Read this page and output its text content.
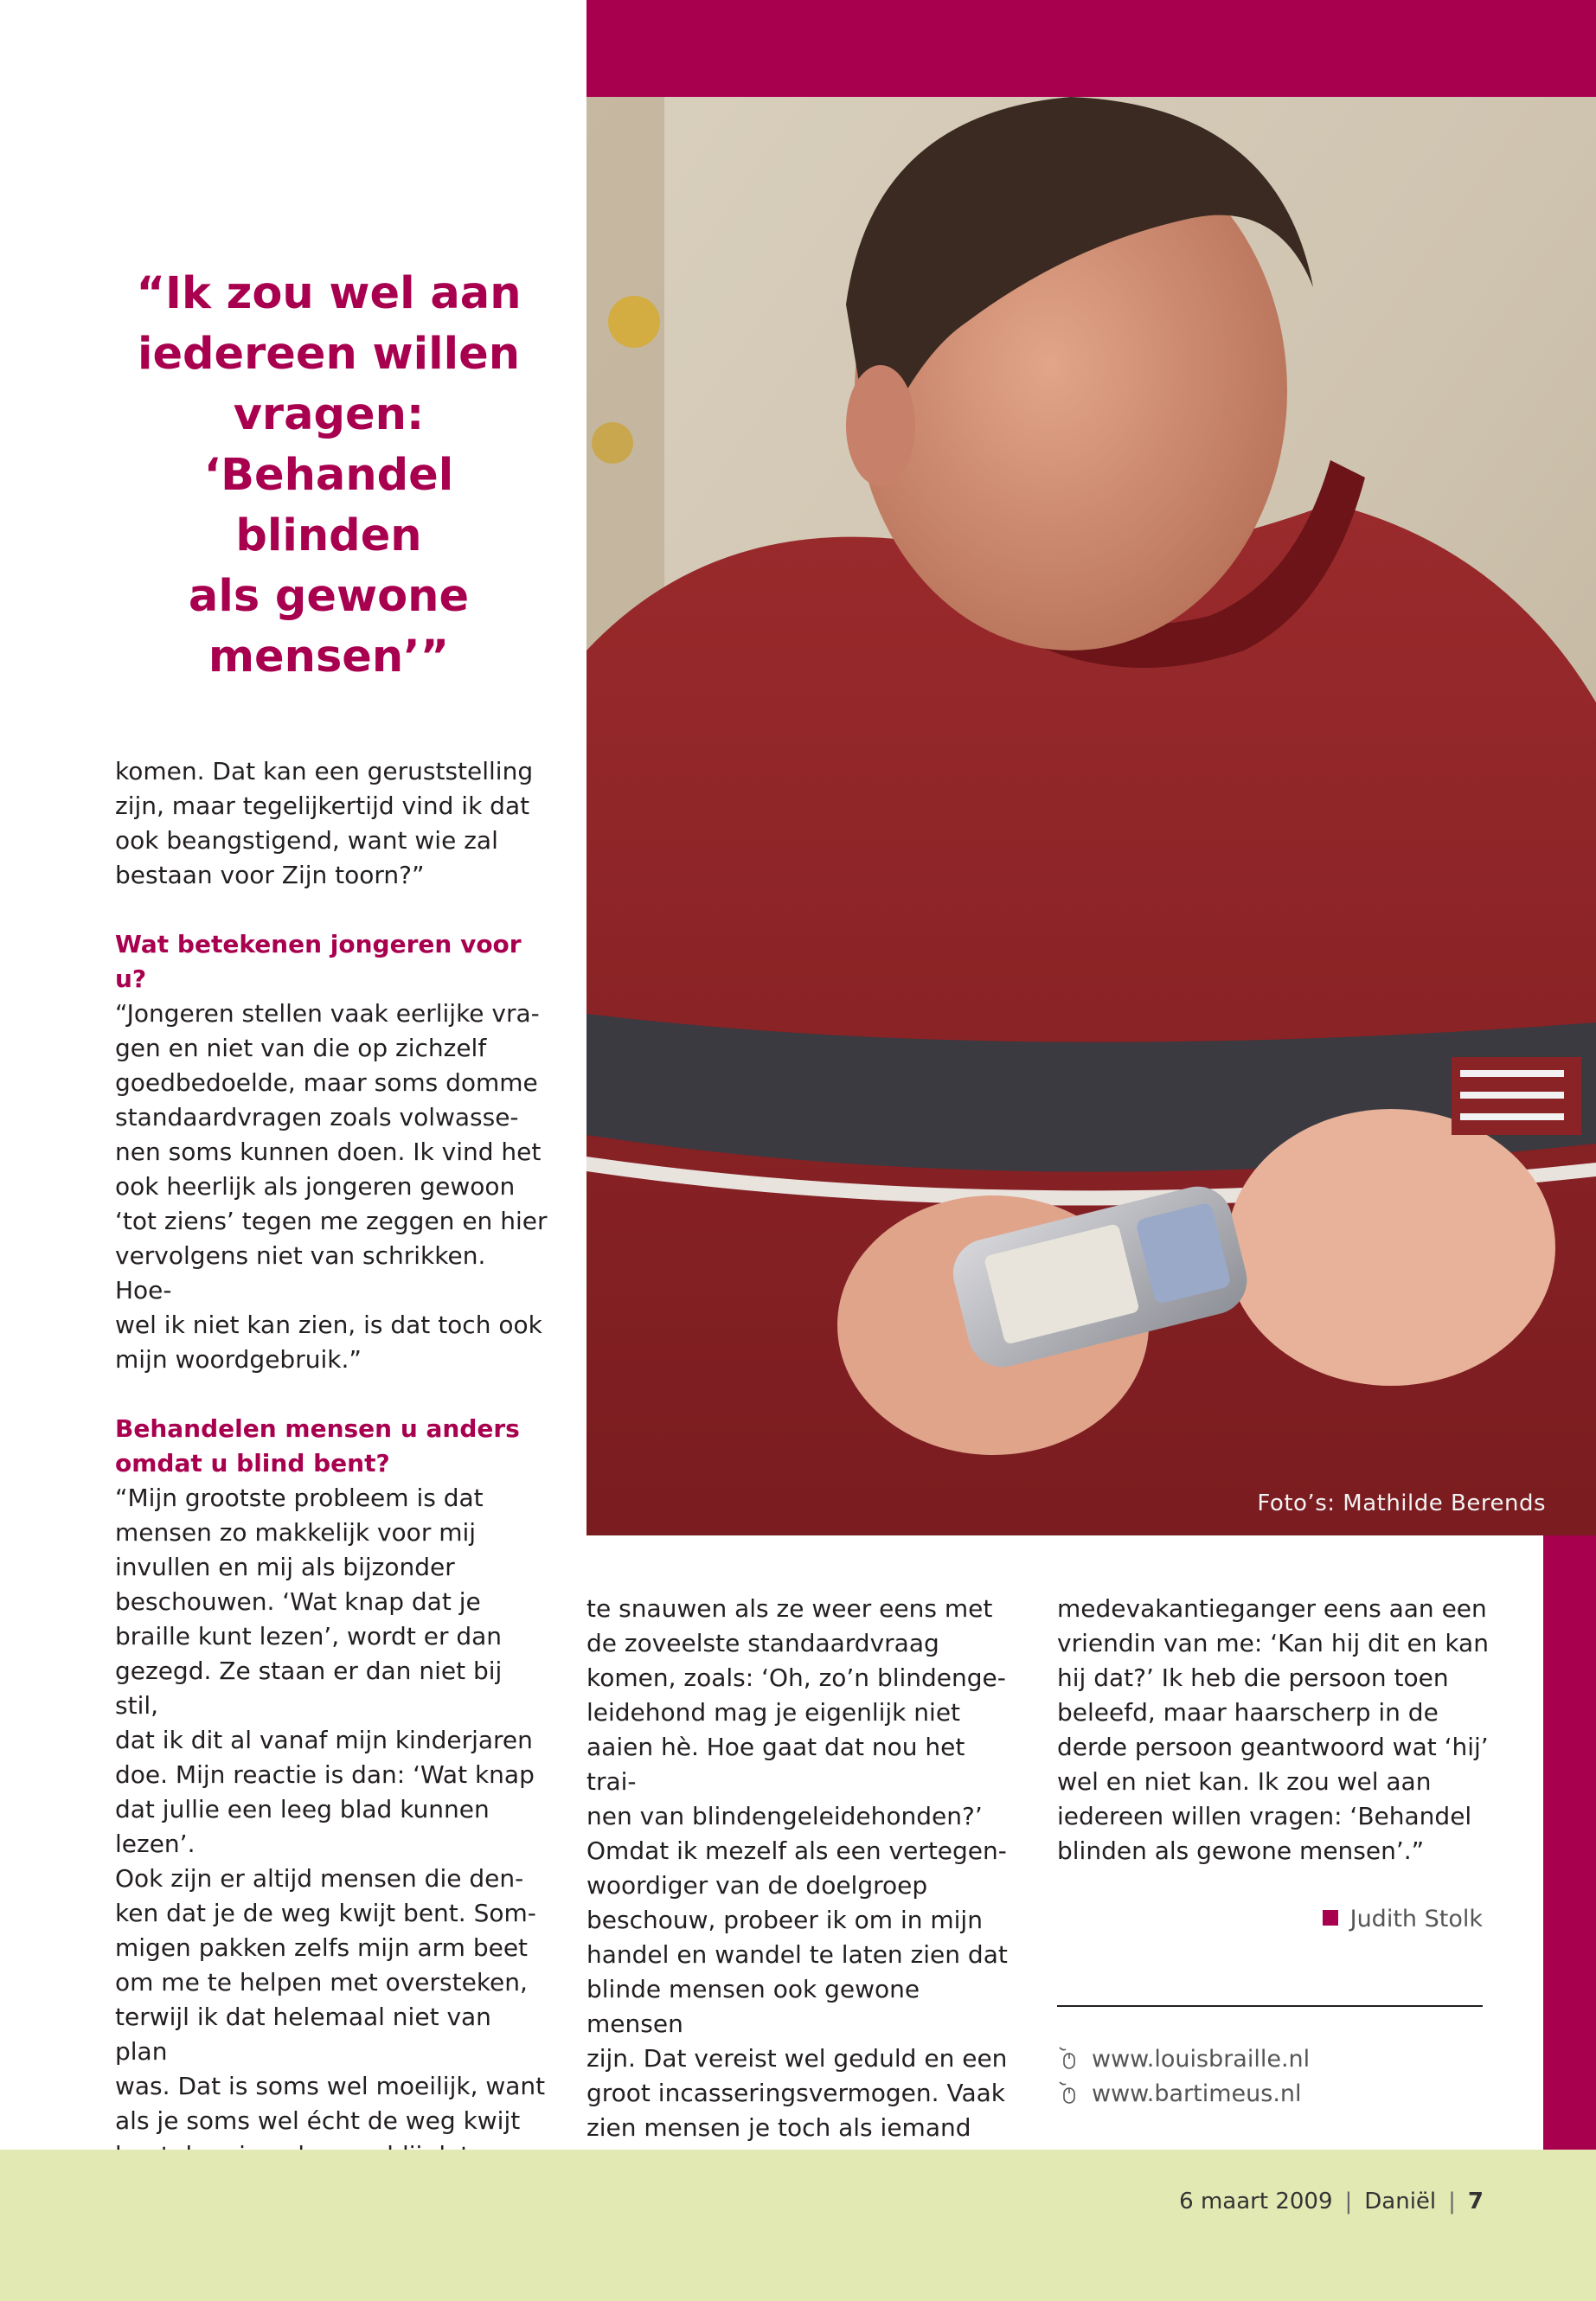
Foto’s: Mathilde Berends
“Ik zou wel aan
iedereen willen
vragen:
‘Behandel blinden
als gewone
mensen’”

komen. Dat kan een geruststelling

zijn, maar tegelijkertijd vind ik dat

ook beangstigend, want wie zal

bestaan voor Zijn toorn?”

Wat betekenen jongeren voor u?

“Jongeren stellen vaak eerlijke vra-

gen en niet van die op zichzelf

goedbedoelde, maar soms domme

standaardvragen zoals volwasse-

nen soms kunnen doen. Ik vind het

ook heerlijk als jongeren gewoon

‘tot ziens’ tegen me zeggen en hier

vervolgens niet van schrikken. Hoe-

wel ik niet kan zien, is dat toch ook

mijn woordgebruik.”

Behandelen mensen u anders

omdat u blind bent?

“Mijn grootste probleem is dat

mensen zo makkelijk voor mij

invullen en mij als bijzonder

beschouwen. ‘Wat knap dat je

braille kunt lezen’, wordt er dan

gezegd. Ze staan er dan niet bij stil,

dat ik dit al vanaf mijn kinderjaren

doe. Mijn reactie is dan: ‘Wat knap

dat jullie een leeg blad kunnen

lezen’.

Ook zijn er altijd mensen die den-

ken dat je de weg kwijt bent. Som-

migen pakken zelfs mijn arm beet

om me te helpen met oversteken,

terwijl ik dat helemaal niet van plan

was. Dat is soms wel moeilijk, want

als je soms wel écht de weg kwijt

te snauwen als ze weer eens met

de zoveelste standaardvraag

komen, zoals: ‘Oh, zo’n blindenge-

leidehond mag je eigenlijk niet

aaien hè. Hoe gaat dat nou het trai-

nen van blindengeleidehonden?’

Omdat ik mezelf als een vertegen-

woordiger van de doelgroep

beschouw, probeer ik om in mijn

handel en wandel te laten zien dat

blinde mensen ook gewone mensen

zijn. Dat vereist wel geduld en een

groot incasseringsvermogen. Vaak

zien mensen je toch als iemand

medevakantieganger eens aan een

vriendin van me: ‘Kan hij dit en kan

hij dat?’ Ik heb die persoon toen

beleefd, maar haarscherp in de

derde persoon geantwoord wat ‘hij’

wel en niet kan. Ik zou wel aan

iedereen willen vragen: ‘Behandel

blinden als gewone mensen’.”

Judith Stolk
www.louisbraille.nl
www.bartimeus.nl
6 maart 2009 | Daniël | 7
